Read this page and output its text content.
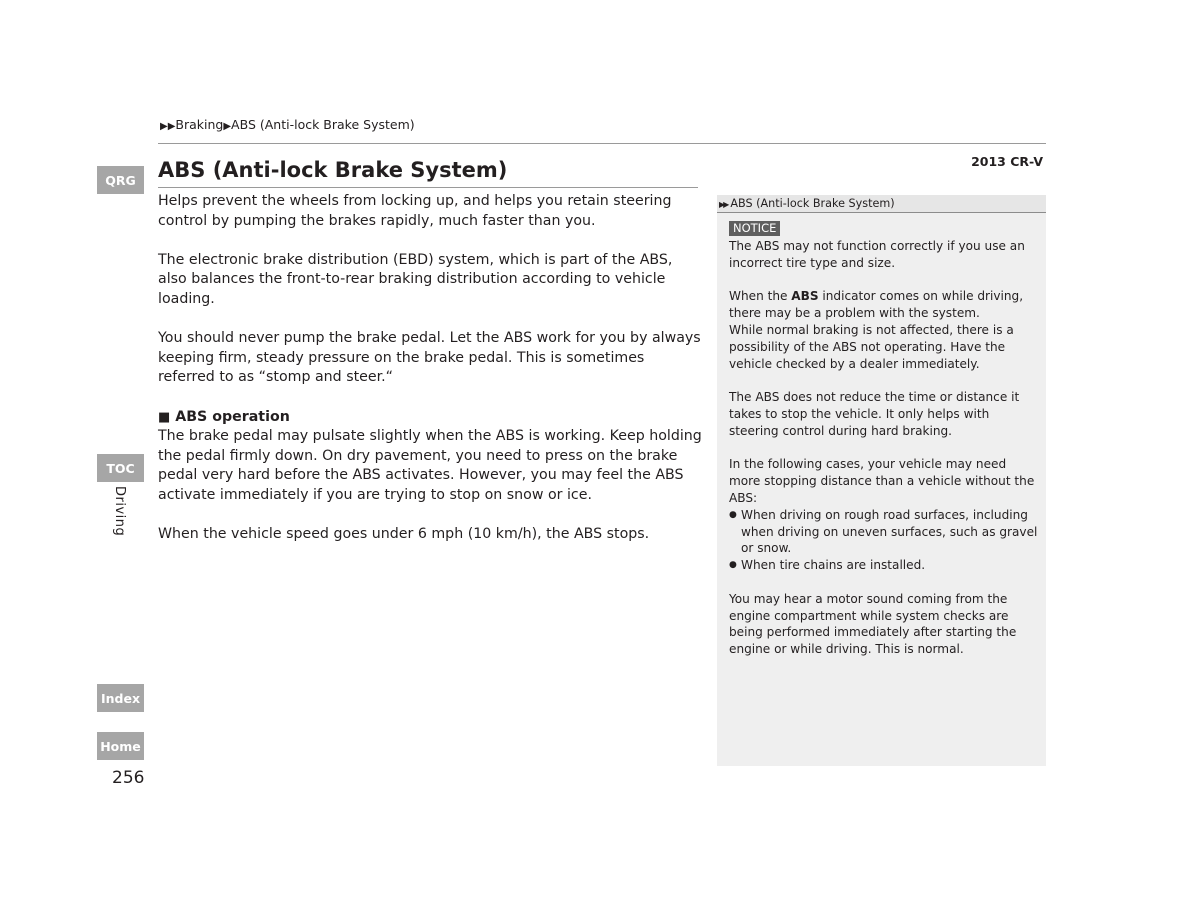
▶▶Braking▶ABS (Anti-lock Brake System)
2013 CR-V
ABS (Anti-lock Brake System)

Helps prevent the wheels from locking up, and helps you retain steering control by pumping the brakes rapidly, much faster than you.

The electronic brake distribution (EBD) system, which is part of the ABS, also balances the front-to-rear braking distribution according to vehicle loading.

You should never pump the brake pedal. Let the ABS work for you by always keeping firm, steady pressure on the brake pedal. This is sometimes referred to as “stomp and steer.“

■ ABS operation

The brake pedal may pulsate slightly when the ABS is working. Keep holding the pedal firmly down. On dry pavement, you need to press on the brake pedal very hard before the ABS activates. However, you may feel the ABS activate immediately if you are trying to stop on snow or ice.

When the vehicle speed goes under 6 mph (10 km/h), the ABS stops.

QRG
TOC
Driving
Index
Home
256
▶▶ ABS (Anti-lock Brake System)
NOTICE

The ABS may not function correctly if you use an incorrect tire type and size.

When the ABS indicator comes on while driving, there may be a problem with the system.

While normal braking is not affected, there is a possibility of the ABS not operating. Have the vehicle checked by a dealer immediately.

The ABS does not reduce the time or distance it takes to stop the vehicle. It only helps with steering control during hard braking.

In the following cases, your vehicle may need more stopping distance than a vehicle without the ABS:

● When driving on rough road surfaces, including when driving on uneven surfaces, such as gravel or snow.
● When tire chains are installed.

You may hear a motor sound coming from the engine compartment while system checks are being performed immediately after starting the engine or while driving. This is normal.
